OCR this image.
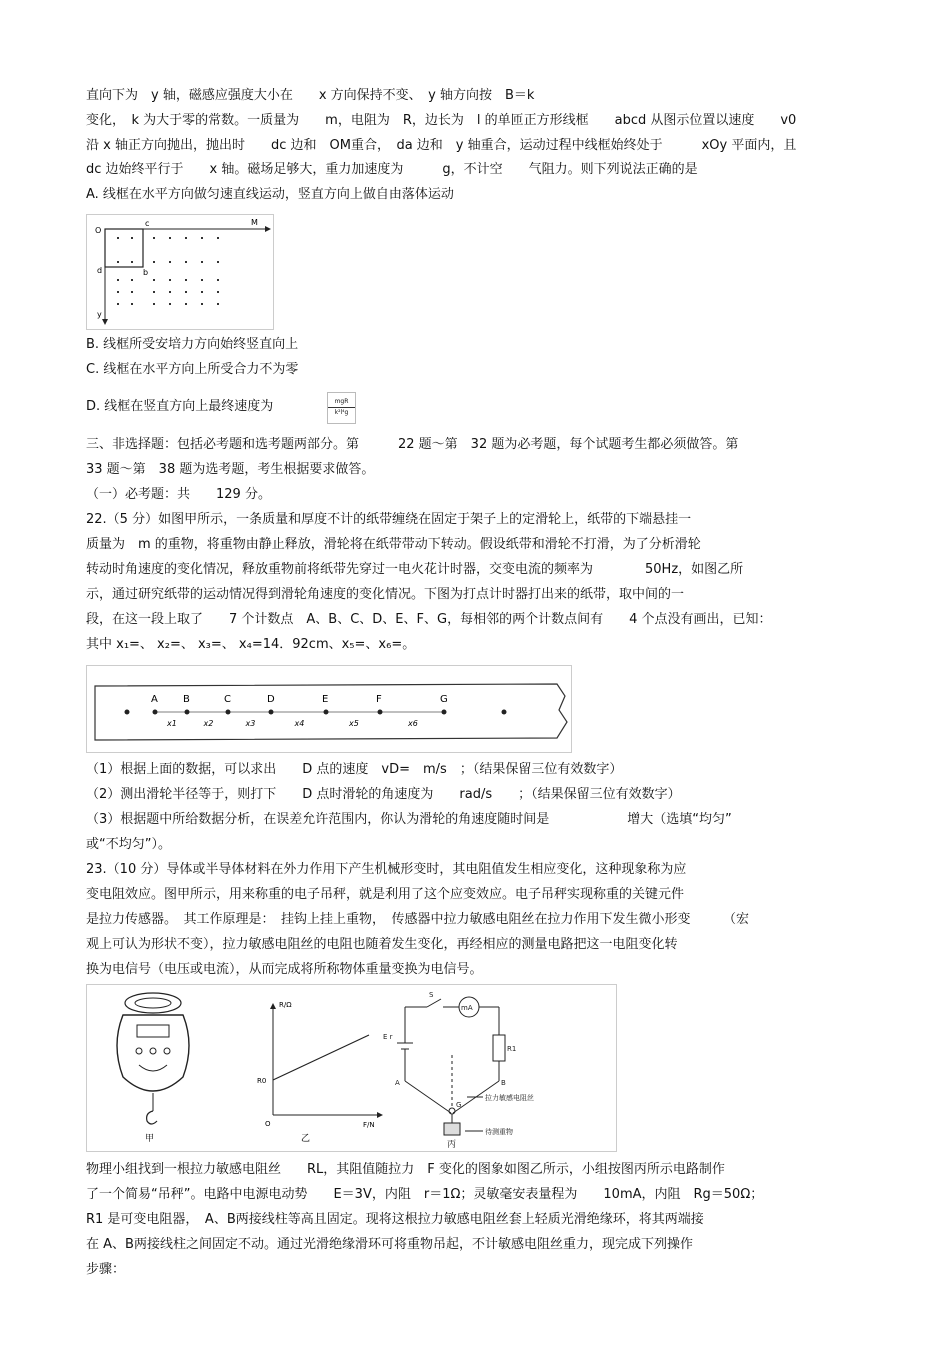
直向下为　y 轴，磁感应强度大小在　　x 方向保持不变、　y 轴方向按　B＝k
变化，　k 为大于零的常数。一质量为　　m，电阻为　R，边长为　l 的单匝正方形线框　　abcd 从图示位置以速度　　v0
沿 x 轴正方向抛出，抛出时　　dc 边和　OM重合，　da 边和　y 轴重合，运动过程中线框始终处于　　　xOy 平面内，且
dc 边始终平行于　　x 轴。磁场足够大，重力加速度为　　　g，不计空　　气阻力。则下列说法正确的是
A. 线框在水平方向做匀速直线运动，竖直方向上做自由落体运动
O
c	M
d	b
y
B. 线框所受安培力方向始终竖直向上
C. 线框在水平方向上所受合力不为零
D. 线框在竖直方向上最终速度为	mgR
k²l⁴g
三、非选择题：包括必考题和选考题两部分。第　　　22 题～第　32 题为必考题，每个试题考生都必须做答。第
33 题～第　38 题为选考题，考生根据要求做答。
（一）必考题：共　　129 分。
22.（5 分）如图甲所示，一条质量和厚度不计的纸带缠绕在固定于架子上的定滑轮上，纸带的下端悬挂一
质量为　m 的重物，将重物由静止释放，滑轮将在纸带带动下转动。假设纸带和滑轮不打滑，为了分析滑轮
转动时角速度的变化情况，释放重物前将纸带先穿过一电火花计时器，交变电流的频率为　　　　50Hz，如图乙所
示，通过研究纸带的运动情况得到滑轮角速度的变化情况。下图为打点计时器打出来的纸带，取中间的一
段，在这一段上取了　　7 个计数点　A、B、C、D、E、F、G，每相邻的两个计数点间有　　4 个点没有画出，已知：
其中 x₁=、 x₂=、 x₃=、 x₄=14．92cm、x₅=、x₆=。
A	B	C	D	E	F	G
x1	x2	x3	x4	x5	x6
（1）根据上面的数据，可以求出　　D 点的速度　vD=　m/s　；（结果保留三位有效数字）
（2）测出滑轮半径等于，则打下　　D 点时滑轮的角速度为　　rad/s　　；（结果保留三位有效数字）
（3）根据题中所给数据分析，在误差允许范围内，你认为滑轮的角速度随时间是　　　　　　增大（选填“均匀”
或“不均匀”）。
23.（10 分）导体或半导体材料在外力作用下产生机械形变时，其电阻值发生相应变化，这种现象称为应
变电阻效应。图甲所示，用来称重的电子吊秤，就是利用了这个应变效应。电子吊秤实现称重的关键元件
是拉力传感器。　其工作原理是：　挂钩上挂上重物，　传感器中拉力敏感电阻丝在拉力作用下发生微小形变　　　（宏
观上可认为形状不变），拉力敏感电阻丝的电阻也随着发生变化，再经相应的测量电路把这一电阻变化转
换为电信号（电压或电流），从而完成将所称物体重量变换为电信号。
甲
R/Ω
F/N
O
R0
乙
S
mA
R1
E r
A	B
G
拉力敏感电阻丝
待测重物
丙
物理小组找到一根拉力敏感电阻丝　　RL，其阻值随拉力　F 变化的图象如图乙所示，小组按图丙所示电路制作
了一个简易“吊秤”。电路中电源电动势　　E＝3V，内阻　r＝1Ω；灵敏毫安表量程为　　10mA，内阻　Rg＝50Ω；
R1 是可变电阻器，　A、B两接线柱等高且固定。现将这根拉力敏感电阻丝套上轻质光滑绝缘环，将其两端接
在 A、B两接线柱之间固定不动。通过光滑绝缘滑环可将重物吊起，不计敏感电阻丝重力，现完成下列操作
步骤：
